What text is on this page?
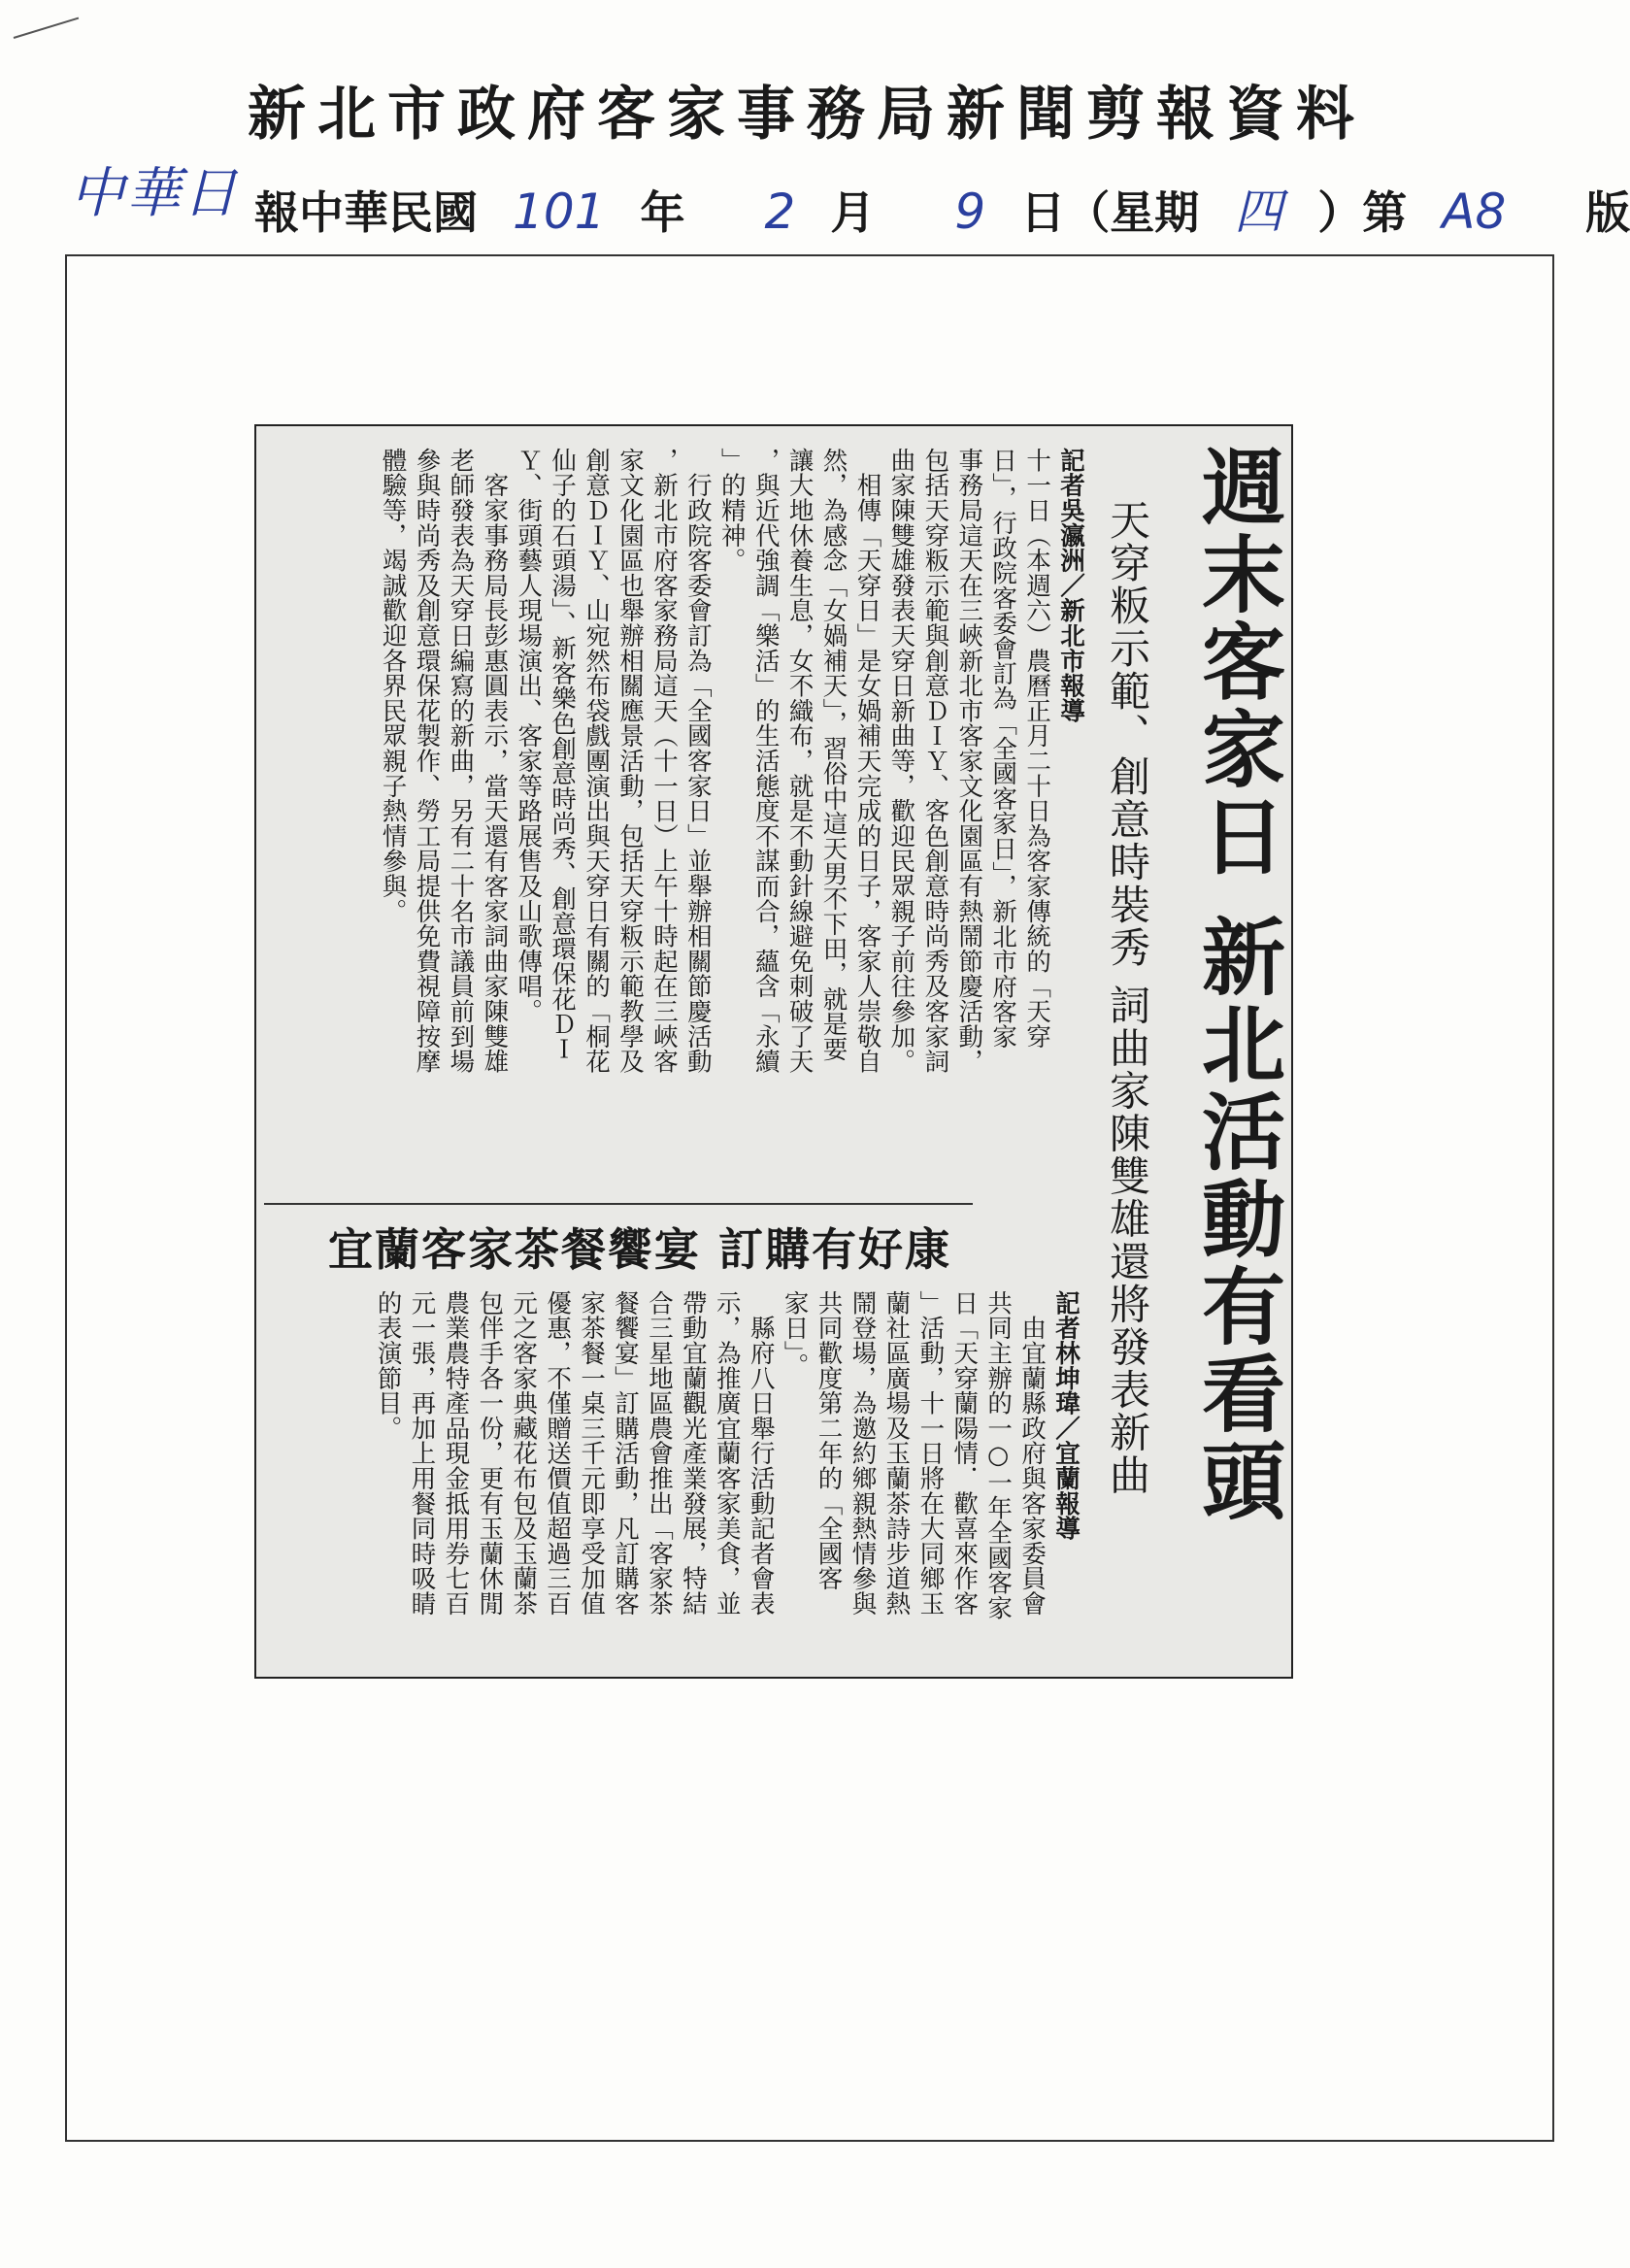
新北市政府客家事務局新聞剪報資料
中華日 報中華民國 101 年 2 月 9 日（星期 四 ）第 A8 版
週末客家日 新北活動有看頭
天穿粄示範、創意時裝秀 詞曲家陳雙雄還將發表新曲

記者吳瀛洲／新北市報導

十一日（本週六）農曆正月二十日為客家傳統的「天穿

日」，行政院客委會訂為「全國客家日」，新北市府客家

事務局這天在三峽新北市客家文化園區有熱鬧節慶活動，

包括天穿粄示範與創意ＤＩＹ、客色創意時尚秀及客家詞

曲家陳雙雄發表天穿日新曲等，歡迎民眾親子前往參加。

　相傳「天穿日」是女媧補天完成的日子，客家人崇敬自

然，為感念「女媧補天」，習俗中這天男不下田，就是要

讓大地休養生息，女不織布，就是不動針線避免刺破了天

，與近代強調「樂活」的生活態度不謀而合，蘊含「永續

」的精神。

　行政院客委會訂為「全國客家日」並舉辦相關節慶活動

，新北市府客家務局這天（十一日）上午十時起在三峽客

家文化園區也舉辦相關應景活動，包括天穿粄示範教學及

創意ＤＩＹ、山宛然布袋戲團演出與天穿日有關的「桐花

仙子的石頭湯」、新客樂色創意時尚秀、創意環保花ＤＩ

Ｙ、街頭藝人現場演出、客家等路展售及山歌傳唱。

　客家事務局長彭惠圓表示，當天還有客家詞曲家陳雙雄

老師發表為天穿日編寫的新曲，另有二十名市議員前到場

參與時尚秀及創意環保花製作、勞工局提供免費視障按摩

體驗等，竭誠歡迎各界民眾親子熱情參與。

宜蘭客家茶餐饗宴 訂購有好康

記者林坤瑋／宜蘭報導

　由宜蘭縣政府與客家委員會

共同主辦的一○一年全國客家

日「天穿蘭陽情．歡喜來作客

」活動，十一日將在大同鄉玉

蘭社區廣場及玉蘭茶詩步道熱

鬧登場，為邀約鄉親熱情參與

共同歡度第二年的「全國客

家日」。

　縣府八日舉行活動記者會表

示，為推廣宜蘭客家美食，並

帶動宜蘭觀光產業發展，特結

合三星地區農會推出「客家茶

餐饗宴」訂購活動，凡訂購客

家茶餐一桌三千元即享受加值

優惠，不僅贈送價值超過三百

元之客家典藏花布包及玉蘭茶

包伴手各一份，更有玉蘭休閒

農業農特產品現金抵用券七百

元一張，再加上用餐同時吸睛

的表演節目。
